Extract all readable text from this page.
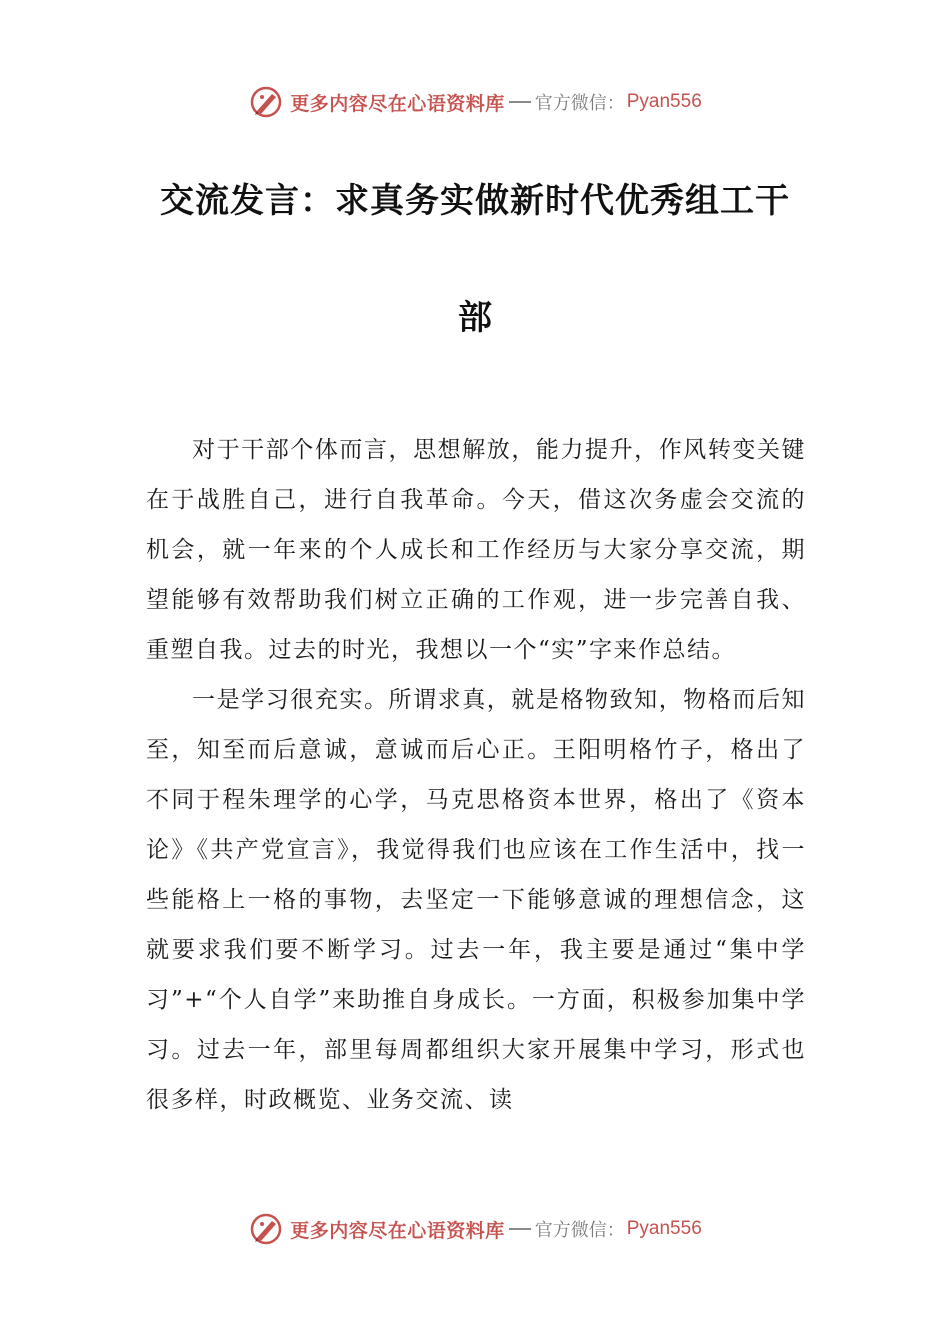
更多内容尽在心语资料库 官方微信： Pyan556
交流发言：求真务实做新时代优秀组工干
部

对于干部个体而言，思想解放，能力提升，作风转变关键在于战胜自己，进行自我革命。今天，借这次务虚会交流的机会，就一年来的个人成长和工作经历与大家分享交流，期望能够有效帮助我们树立正确的工作观，进一步完善自我、重塑自我。过去的时光，我想以一个“实”字来作总结。

一是学习很充实。所谓求真，就是格物致知，物格而后知至，知至而后意诚，意诚而后心正。王阳明格竹子，格出了不同于程朱理学的心学，马克思格资本世界，格出了《资本论》《共产党宣言》，我觉得我们也应该在工作生活中，找一些能格上一格的事物，去坚定一下能够意诚的理想信念，这就要求我们要不断学习。过去一年，我主要是通过“集中学习”+“个人自学”来助推自身成长。一方面，积极参加集中学习。过去一年，部里每周都组织大家开展集中学习，形式也很多样，时政概览、业务交流、读

更多内容尽在心语资料库 官方微信： Pyan556
